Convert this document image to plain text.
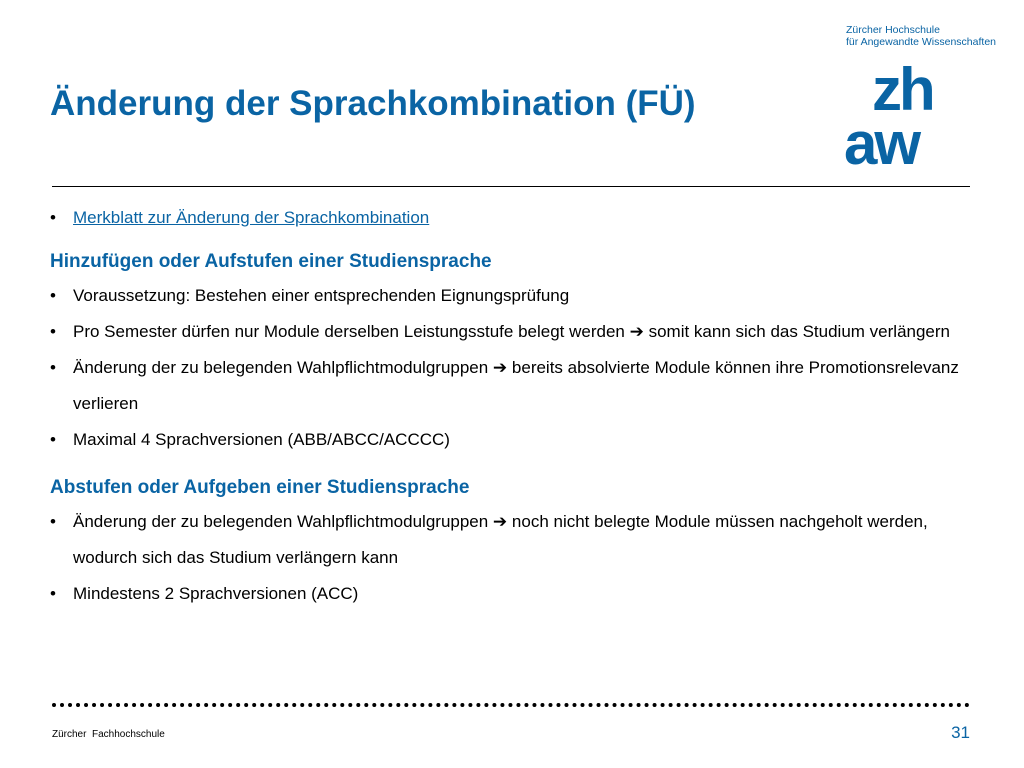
Änderung der Sprachkombination (FÜ)
Zürcher Hochschule
für Angewandte Wissenschaften
zh
aw
• Merkblatt zur Änderung der Sprachkombination
Hinzufügen oder Aufstufen einer Studiensprache
• Voraussetzung: Bestehen einer entsprechenden Eignungsprüfung
• Pro Semester dürfen nur Module derselben Leistungsstufe belegt werden ➔ somit kann sich das Studium verlängern
• Änderung der zu belegenden Wahlpflichtmodulgruppen ➔ bereits absolvierte Module können ihre Promotionsrelevanz verlieren
• Maximal 4 Sprachversionen (ABB/ABCC/ACCCC)
Abstufen oder Aufgeben einer Studiensprache
• Änderung der zu belegenden Wahlpflichtmodulgruppen ➔ noch nicht belegte Module müssen nachgeholt werden, wodurch sich das Studium verlängern kann
• Mindestens 2 Sprachversionen (ACC)
Zürcher  Fachhochschule	31
